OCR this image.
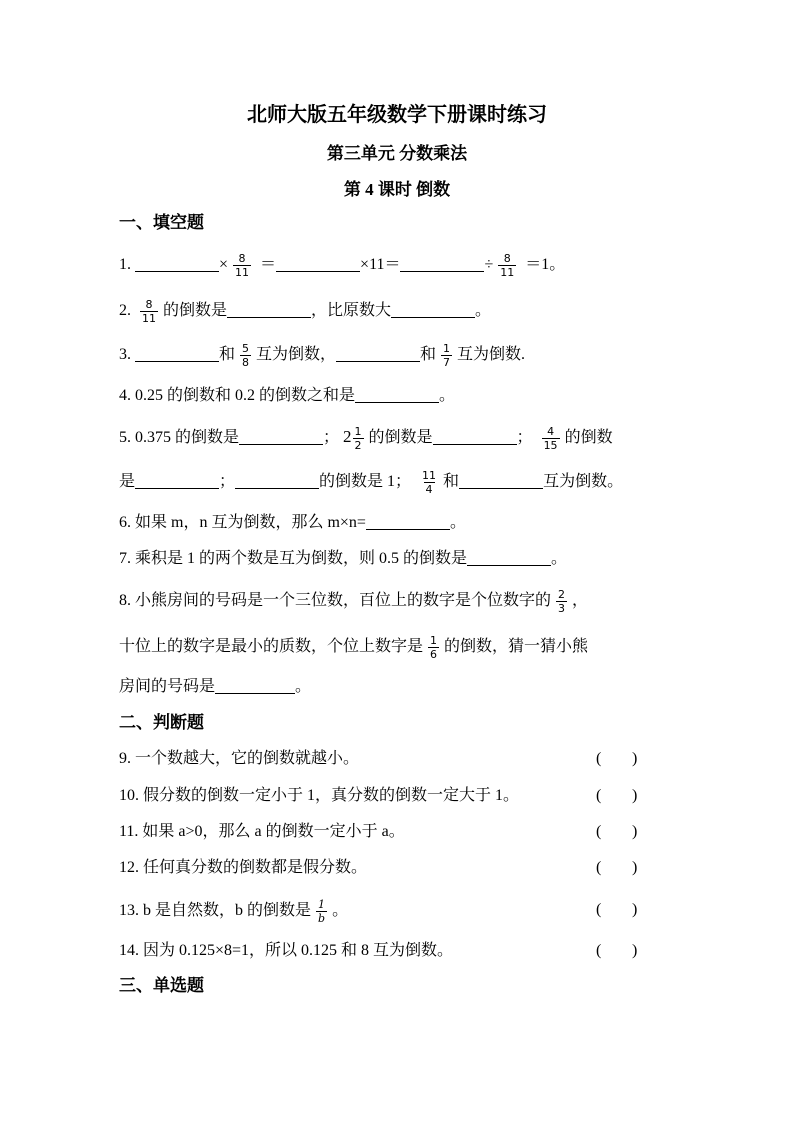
北师大版五年级数学下册课时练习
第三单元 分数乘法
第 4 课时 倒数
一、填空题
1.	× $\frac{8}{11}$ ＝	×11＝	÷ $\frac{8}{11} =1$。
2. $\frac{8}{11}$ 的倒数是	，比原数大	。
3.	和 $\frac{5}{8}$ 互为倒数，	和 $\frac{1}{7}$ 互为倒数.
4. 0.25 的倒数和 0.2 的倒数之和是	。
5. 0.375 的倒数是	； $2 \frac{1}{2}$ 的倒数是	； $\frac{4}{15}$ 的倒数
是	；	的倒数是 1； $\frac{11}{4}$ 和	互为倒数。
6. 如果 m，n 互为倒数，那么 m×n=	。
7. 乘积是 1 的两个数是互为倒数，则 0.5 的倒数是	。
8. 小熊房间的号码是一个三位数，百位上的数字是个位数字的 $\frac{2}{3}$ ，
十位上的数字是最小的质数，个位上数字是 $\frac{1}{6}$ 的倒数，猜一猜小熊
房间的号码是	。
二、判断题
9. 一个数越大，它的倒数就越小。	( )
10. 假分数的倒数一定小于 1，真分数的倒数一定大于 1。	( )
11. 如果 a>0，那么 a 的倒数一定小于 a。	( )
12. 任何真分数的倒数都是假分数。	( )
13. b 是自然数，b 的倒数是 $\frac{1}{b}$ 。	( )
14. 因为 0.125×8=1，所以 0.125 和 8 互为倒数。	( )
三、单选题
